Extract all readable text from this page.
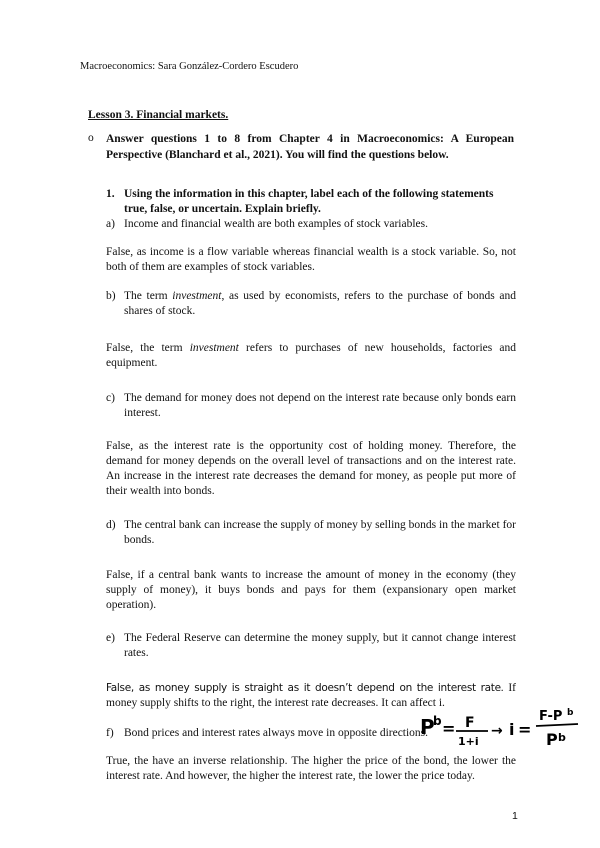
Macroeconomics: Sara González-Cordero Escudero
Lesson 3. Financial markets.
o Answer questions 1 to 8 from Chapter 4 in Macroeconomics: A European Perspective (Blanchard et al., 2021). You will find the questions below.
1. Using the information in this chapter, label each of the following statements
true, false, or uncertain. Explain briefly.
a) Income and financial wealth are both examples of stock variables.
False, as income is a flow variable whereas financial wealth is a stock variable. So, not both of them are examples of stock variables.
b) The term investment, as used by economists, refers to the purchase of bonds and shares of stock.
False, the term investment refers to purchases of new households, factories and equipment.
c) The demand for money does not depend on the interest rate because only bonds earn interest.
False, as the interest rate is the opportunity cost of holding money. Therefore, the demand for money depends on the overall level of transactions and on the interest rate. An increase in the interest rate decreases the demand for money, as people put more of their wealth into bonds.
d) The central bank can increase the supply of money by selling bonds in the market for bonds.
False, if a central bank wants to increase the amount of money in the economy (they supply of money), it buys bonds and pays for them (expansionary open market operation).
e) The Federal Reserve can determine the money supply, but it cannot change interest rates.
False, as money supply is straight as it doesn’t depend on the interest rate. If money supply shifts to the right, the interest rate decreases. It can affect i.
f) Bond prices and interest rates always move in opposite directions.
P
b = F
1+i
→ i =
F-P b
P b
True, the have an inverse relationship. The higher the price of the bond, the lower the interest rate. And however, the higher the interest rate, the lower the price today.
1
